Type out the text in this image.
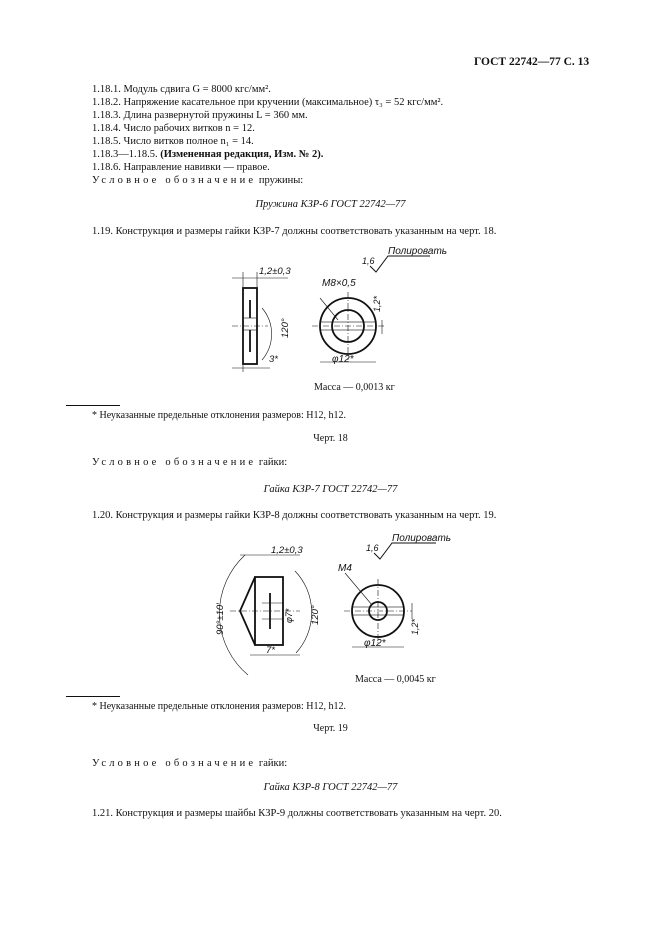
ГОСТ 22742—77 С. 13
1.18.1. Модуль сдвига G = 8000 кгс/мм².
1.18.2. Напряжение касательное при кручении (максимальное) τ₃ = 52 кгс/мм².
1.18.3. Длина развернутой пружины L = 360 мм.
1.18.4. Число рабочих витков n = 12.
1.18.5. Число витков полное n₁ = 14.
1.18.3—1.18.5. (Измененная редакция, Изм. № 2).
1.18.6. Направление навивки — правое.
Условное обозначение пружины:
Пружина КЗР-6 ГОСТ 22742—77
1.19. Конструкция и размеры гайки КЗР-7 должны соответствовать указанным на черт. 18.
1,2±0,3
120°
3*
M8×0,5
φ12*
1,2*
1,6
Полировать
Масса — 0,0013 кг
* Неуказанные предельные отклонения размеров: H12, h12.
Черт. 18
Условное обозначение гайки:
Гайка КЗР-7 ГОСТ 22742—77
1.20. Конструкция и размеры гайки КЗР-8 должны соответствовать указанным на черт. 19.
1,2±0,3
90°±10′	φ7* 120°
7*
M4
φ12*
1,2*
1,6
Полировать
Масса — 0,0045 кг
* Неуказанные предельные отклонения размеров: H12, h12.
Черт. 19
Условное обозначение гайки:
Гайка КЗР-8 ГОСТ 22742—77
1.21. Конструкция и размеры шайбы КЗР-9 должны соответствовать указанным на черт. 20.
